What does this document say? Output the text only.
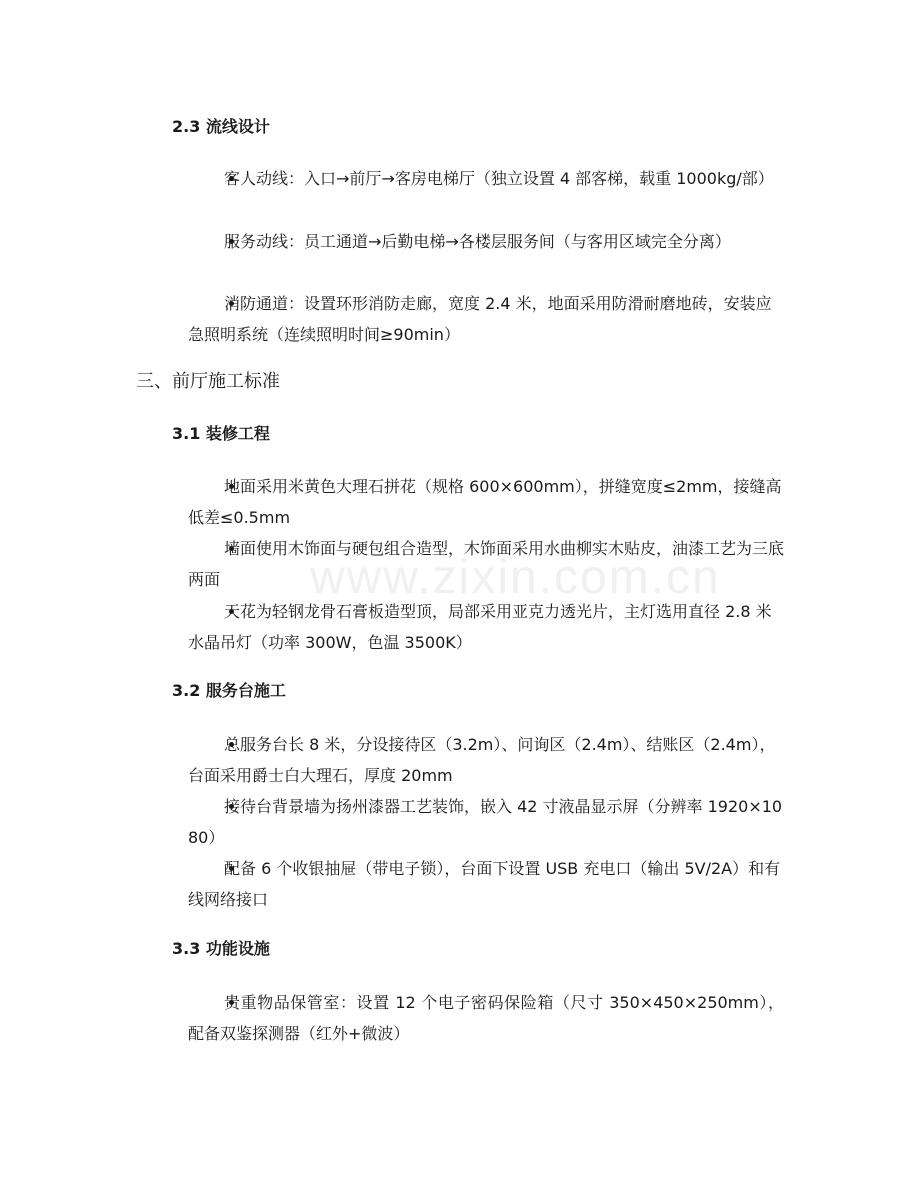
2.3 流线设计
客人动线：入口→前厅→客房电梯厅（独立设置 4 部客梯，载重 1000kg/部）
服务动线：员工通道→后勤电梯→各楼层服务间（与客用区域完全分离）
消防通道：设置环形消防走廊，宽度 2.4 米，地面采用防滑耐磨地砖，安装应急照明系统（连续照明时间≥90min）
三、前厅施工标准
3.1 装修工程
地面采用米黄色大理石拼花（规格 600×600mm），拼缝宽度≤2mm，接缝高低差≤0.5mm
墙面使用木饰面与硬包组合造型，木饰面采用水曲柳实木贴皮，油漆工艺为三底两面
天花为轻钢龙骨石膏板造型顶，局部采用亚克力透光片，主灯选用直径 2.8 米水晶吊灯（功率 300W，色温 3500K）
3.2 服务台施工
总服务台长 8 米，分设接待区（3.2m）、问询区（2.4m）、结账区（2.4m），台面采用爵士白大理石，厚度 20mm
接待台背景墙为扬州漆器工艺装饰，嵌入 42 寸液晶显示屏（分辨率 1920×1080）
配备 6 个收银抽屉（带电子锁），台面下设置 USB 充电口（输出 5V/2A）和有线网络接口
3.3 功能设施
贵重物品保管室：设置 12 个电子密码保险箱（尺寸 350×450×250mm），配备双鉴探测器（红外+微波）
www.zixin.com.cn
